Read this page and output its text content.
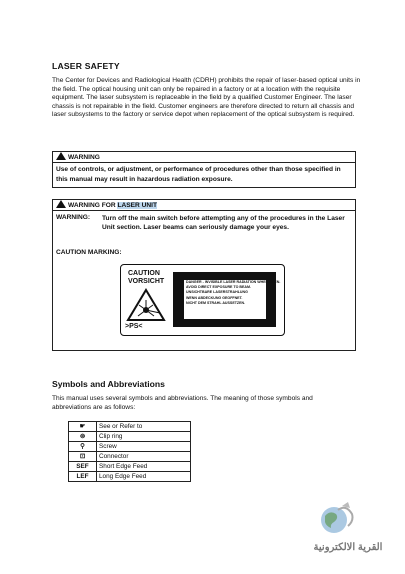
LASER SAFETY
The Center for Devices and Radiological Health (CDRH) prohibits the repair of laser-based optical units in the field. The optical housing unit can only be repaired in a factory or at a location with the requisite equipment. The laser subsystem is replaceable in the field by a qualified Customer Engineer. The laser chassis is not repairable in the field. Customer engineers are therefore directed to return all chassis and laser subsystems to the factory or service depot when replacement of the optical subsystem is required.
WARNING
Use of controls, or adjustment, or performance of procedures other than those specified in this manual may result in hazardous radiation exposure.
WARNING FOR LASER UNIT
WARNING: Turn off the main switch before attempting any of the procedures in the Laser Unit section. Laser beams can seriously damage your eyes.
CAUTION MARKING:
CAUTION
VORSICHT
>PS<
DANGER - INVISIBLE LASER RADIATION WHEN OPEN.
AVOID DIRECT EXPOSURE TO BEAM.
UNSICHTBARE LASERSTRAHLUNG
WENN ABDECKUNG GEOFFNET.
NICHT DEM STRAHL AUSSETZEN.
Symbols and Abbreviations
This manual uses several symbols and abbreviations. The meaning of those symbols and abbreviations are as follows:
☛	See or Refer to
⊚	Clip ring
⚲	Screw
⊡	Connector
SEF	Short Edge Feed
LEF	Long Edge Feed
القرية الالكترونية
